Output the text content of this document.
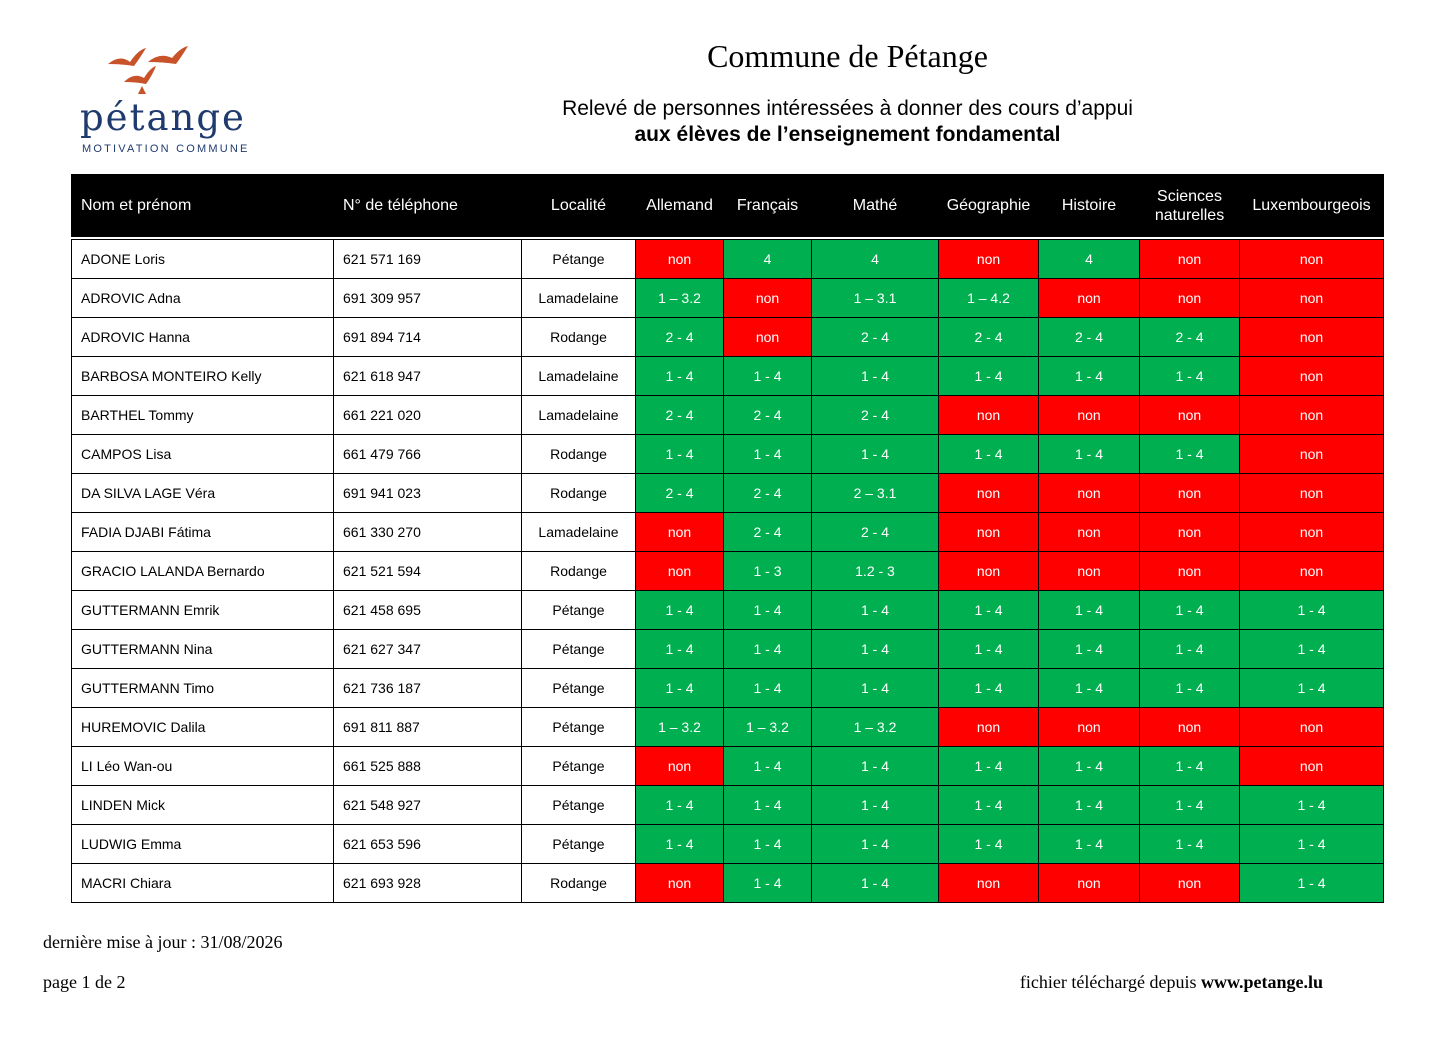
pétange
MOTIVATION COMMUNE
Commune de Pétange
Relevé de personnes intéressées à donner des cours d’appui
aux élèves de l’enseignement fondamental
Nom et prénom	N° de téléphone	Localité	Allemand	Français	Mathé	Géographie	Histoire	Sciences naturelles	Luxembourgeois

ADONE Loris	621 571 169	Pétange	non	4	4	non	4	non	non
ADROVIC Adna	691 309 957	Lamadelaine	1 – 3.2	non	1 – 3.1	1 – 4.2	non	non	non
ADROVIC Hanna	691 894 714	Rodange	2 - 4	non	2 - 4	2 - 4	2 - 4	2 - 4	non
BARBOSA MONTEIRO Kelly	621 618 947	Lamadelaine	1 - 4	1 - 4	1 - 4	1 - 4	1 - 4	1 - 4	non
BARTHEL Tommy	661 221 020	Lamadelaine	2 - 4	2 - 4	2 - 4	non	non	non	non
CAMPOS Lisa	661 479 766	Rodange	1 - 4	1 - 4	1 - 4	1 - 4	1 - 4	1 - 4	non
DA SILVA LAGE Véra	691 941 023	Rodange	2 - 4	2 - 4	2 – 3.1	non	non	non	non
FADIA DJABI Fátima	661 330 270	Lamadelaine	non	2 - 4	2 - 4	non	non	non	non
GRACIO LALANDA Bernardo	621 521 594	Rodange	non	1 - 3	1.2 - 3	non	non	non	non
GUTTERMANN Emrik	621 458 695	Pétange	1 - 4	1 - 4	1 - 4	1 - 4	1 - 4	1 - 4	1 - 4
GUTTERMANN Nina	621 627 347	Pétange	1 - 4	1 - 4	1 - 4	1 - 4	1 - 4	1 - 4	1 - 4
GUTTERMANN Timo	621 736 187	Pétange	1 - 4	1 - 4	1 - 4	1 - 4	1 - 4	1 - 4	1 - 4
HUREMOVIC Dalila	691 811 887	Pétange	1 – 3.2	1 – 3.2	1 – 3.2	non	non	non	non
LI Léo Wan-ou	661 525 888	Pétange	non	1 - 4	1 - 4	1 - 4	1 - 4	1 - 4	non
LINDEN Mick	621 548 927	Pétange	1 - 4	1 - 4	1 - 4	1 - 4	1 - 4	1 - 4	1 - 4
LUDWIG Emma	621 653 596	Pétange	1 - 4	1 - 4	1 - 4	1 - 4	1 - 4	1 - 4	1 - 4
MACRI Chiara	621 693 928	Rodange	non	1 - 4	1 - 4	non	non	non	1 - 4
dernière mise à jour : 31/08/2026
page 1 de 2	fichier téléchargé depuis www.petange.lu
